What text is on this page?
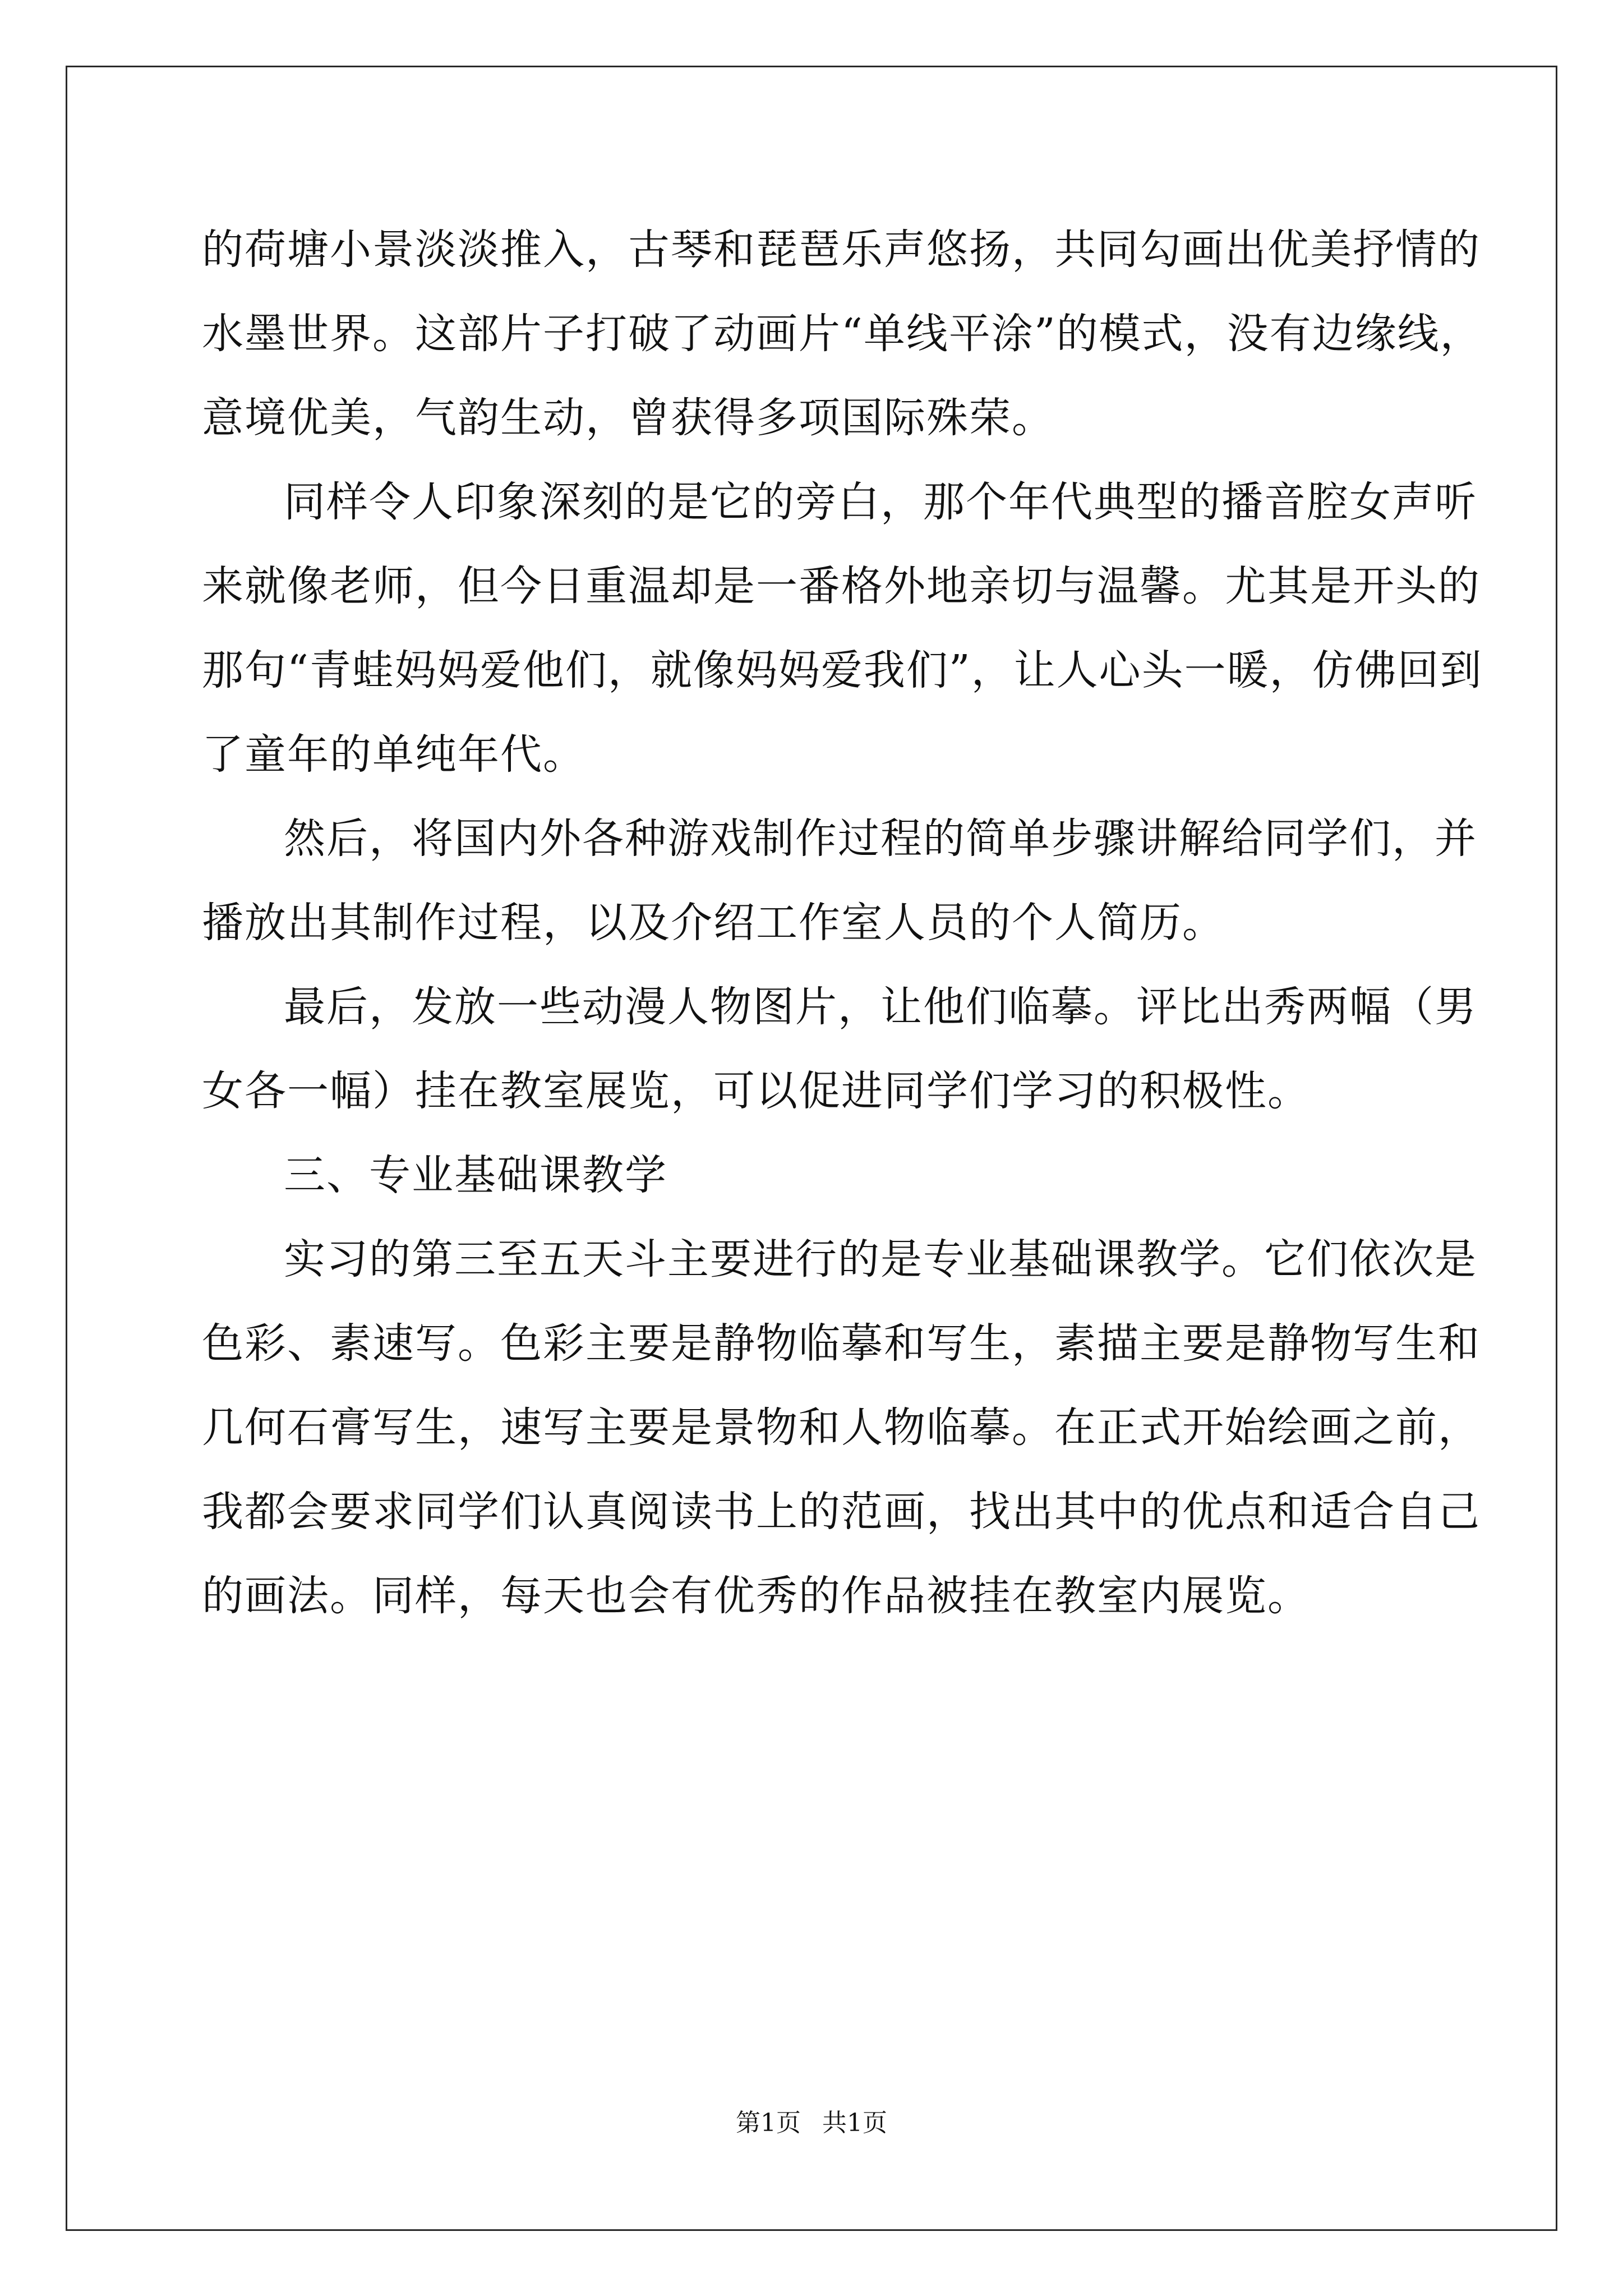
的荷塘小景淡淡推入，古琴和琵琶乐声悠扬，共同勾画出优美抒情的
水墨世界。这部片子打破了动画片“单线平涂”的模式，没有边缘线，
意境优美，气韵生动，曾获得多项国际殊荣。
同样令人印象深刻的是它的旁白，那个年代典型的播音腔女声听
来就像老师，但今日重温却是一番格外地亲切与温馨。尤其是开头的
那句“青蛙妈妈爱他们，就像妈妈爱我们”，让人心头一暖，仿佛回到
了童年的单纯年代。
然后，将国内外各种游戏制作过程的简单步骤讲解给同学们，并
播放出其制作过程，以及介绍工作室人员的个人简历。
最后，发放一些动漫人物图片，让他们临摹。评比出秀两幅（男
女各一幅）挂在教室展览，可以促进同学们学习的积极性。
三、专业基础课教学
实习的第三至五天斗主要进行的是专业基础课教学。它们依次是
色彩、素速写。色彩主要是静物临摹和写生，素描主要是静物写生和
几何石膏写生，速写主要是景物和人物临摹。在正式开始绘画之前，
我都会要求同学们认真阅读书上的范画，找出其中的优点和适合自己
的画法。同样，每天也会有优秀的作品被挂在教室内展览。
第1页 共1页
